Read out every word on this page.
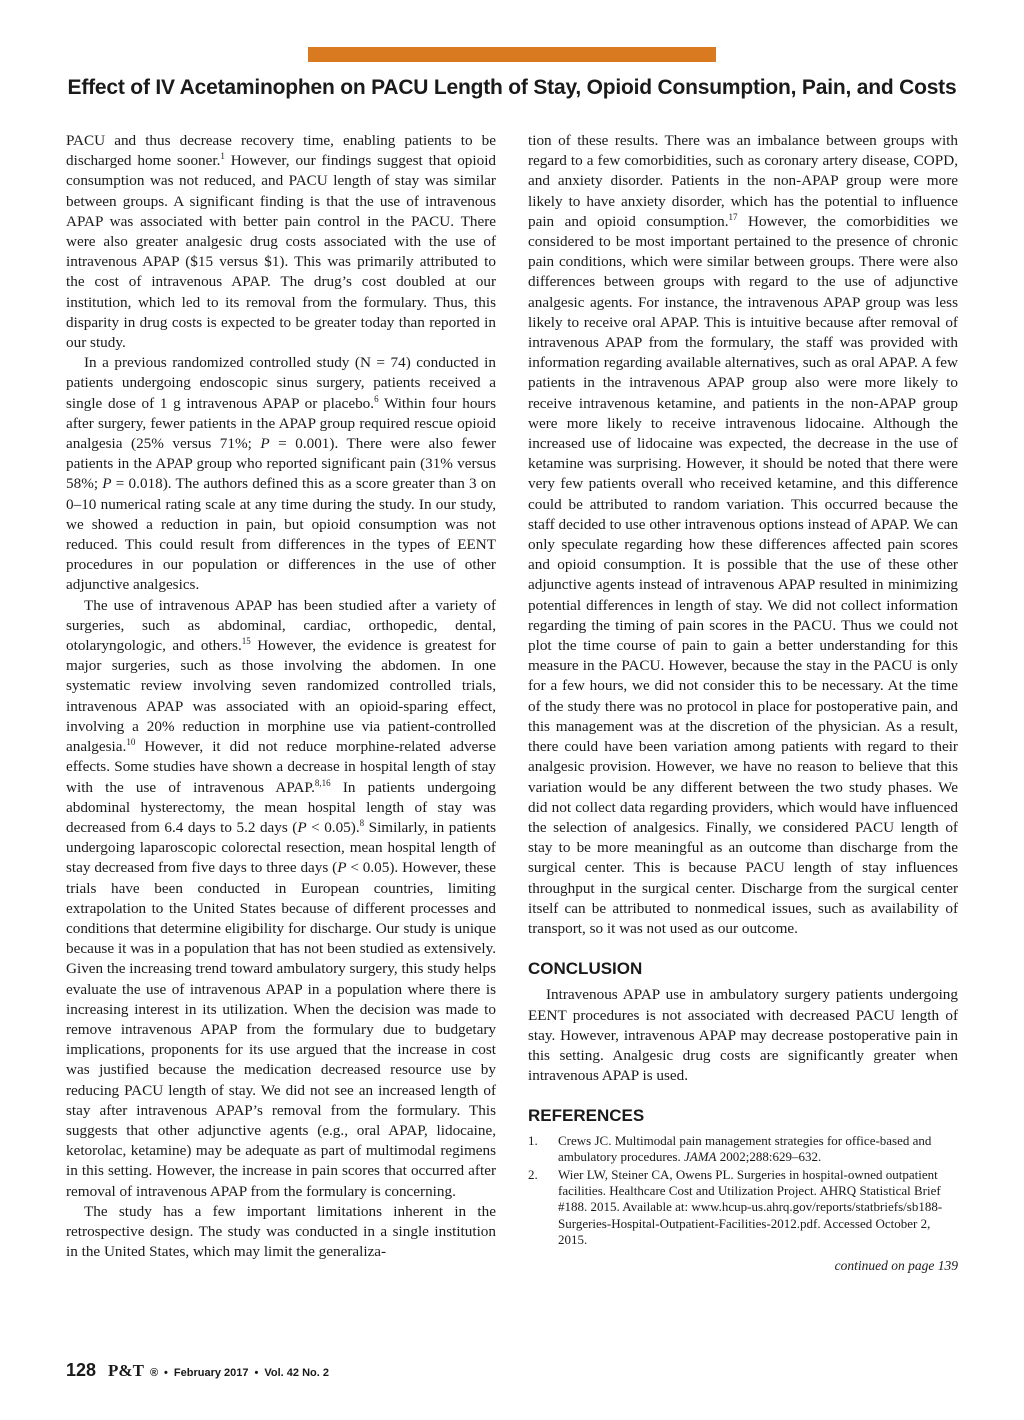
Effect of IV Acetaminophen on PACU Length of Stay, Opioid Consumption, Pain, and Costs

PACU and thus decrease recovery time, enabling patients to be discharged home sooner.$^1$ However, our findings suggest that opioid consumption was not reduced, and PACU length of stay was similar between groups. A significant finding is that the use of intravenous APAP was associated with better pain control in the PACU. There were also greater analgesic drug costs associated with the use of intravenous APAP ($15 versus $1). This was primarily attributed to the cost of intravenous APAP. The drug’s cost doubled at our institution, which led to its removal from the formulary. Thus, this disparity in drug costs is expected to be greater today than reported in our study.

In a previous randomized controlled study (N = 74) conducted in patients undergoing endoscopic sinus surgery, patients received a single dose of 1 g intravenous APAP or placebo.$^6$ Within four hours after surgery, fewer patients in the APAP group required rescue opioid analgesia (25% versus 71%; P = 0.001). There were also fewer patients in the APAP group who reported significant pain (31% versus 58%; P = 0.018). The authors defined this as a score greater than 3 on 0–10 numerical rating scale at any time during the study. In our study, we showed a reduction in pain, but opioid consumption was not reduced. This could result from differences in the types of EENT procedures in our population or differences in the use of other adjunctive analgesics.

The use of intravenous APAP has been studied after a variety of surgeries, such as abdominal, cardiac, orthopedic, dental, otolaryngologic, and others.$^{15}$ However, the evidence is greatest for major surgeries, such as those involving the abdomen. In one systematic review involving seven randomized controlled trials, intravenous APAP was associated with an opioid-sparing effect, involving a 20% reduction in morphine use via patient-controlled analgesia.$^{10}$ However, it did not reduce morphine-related adverse effects. Some studies have shown a decrease in hospital length of stay with the use of intravenous APAP.$^{8,16}$ In patients undergoing abdominal hysterectomy, the mean hospital length of stay was decreased from 6.4 days to 5.2 days (P < 0.05).$^8$ Similarly, in patients undergoing laparoscopic colorectal resection, mean hospital length of stay decreased from five days to three days (P < 0.05). However, these trials have been conducted in European countries, limiting extrapolation to the United States because of different processes and conditions that determine eligibility for discharge. Our study is unique because it was in a population that has not been studied as extensively. Given the increasing trend toward ambulatory surgery, this study helps evaluate the use of intravenous APAP in a population where there is increasing interest in its utilization. When the decision was made to remove intravenous APAP from the formulary due to budgetary implications, proponents for its use argued that the increase in cost was justified because the medication decreased resource use by reducing PACU length of stay. We did not see an increased length of stay after intravenous APAP’s removal from the formulary. This suggests that other adjunctive agents (e.g., oral APAP, lidocaine, ketorolac, ketamine) may be adequate as part of multimodal regimens in this setting. However, the increase in pain scores that occurred after removal of intravenous APAP from the formulary is concerning.

The study has a few important limitations inherent in the retrospective design. The study was conducted in a single institution in the United States, which may limit the generaliza-

tion of these results. There was an imbalance between groups with regard to a few comorbidities, such as coronary artery disease, COPD, and anxiety disorder. Patients in the non-APAP group were more likely to have anxiety disorder, which has the potential to influence pain and opioid consumption.$^{17}$ However, the comorbidities we considered to be most important pertained to the presence of chronic pain conditions, which were similar between groups. There were also differences between groups with regard to the use of adjunctive analgesic agents. For instance, the intravenous APAP group was less likely to receive oral APAP. This is intuitive because after removal of intravenous APAP from the formulary, the staff was provided with information regarding available alternatives, such as oral APAP. A few patients in the intravenous APAP group also were more likely to receive intravenous ketamine, and patients in the non-APAP group were more likely to receive intravenous lidocaine. Although the increased use of lidocaine was expected, the decrease in the use of ketamine was surprising. However, it should be noted that there were very few patients overall who received ketamine, and this difference could be attributed to random variation. This occurred because the staff decided to use other intravenous options instead of APAP. We can only speculate regarding how these differences affected pain scores and opioid consumption. It is possible that the use of these other adjunctive agents instead of intravenous APAP resulted in minimizing potential differences in length of stay. We did not collect information regarding the timing of pain scores in the PACU. Thus we could not plot the time course of pain to gain a better understanding for this measure in the PACU. However, because the stay in the PACU is only for a few hours, we did not consider this to be necessary. At the time of the study there was no protocol in place for postoperative pain, and this management was at the discretion of the physician. As a result, there could have been variation among patients with regard to their analgesic provision. However, we have no reason to believe that this variation would be any different between the two study phases. We did not collect data regarding providers, which would have influenced the selection of analgesics. Finally, we considered PACU length of stay to be more meaningful as an outcome than discharge from the surgical center. This is because PACU length of stay influences throughput in the surgical center. Discharge from the surgical center itself can be attributed to nonmedical issues, such as availability of transport, so it was not used as our outcome.

CONCLUSION

Intravenous APAP use in ambulatory surgery patients undergoing EENT procedures is not associated with decreased PACU length of stay. However, intravenous APAP may decrease postoperative pain in this setting. Analgesic drug costs are significantly greater when intravenous APAP is used.

REFERENCES
1.	Crews JC. Multimodal pain management strategies for office-based and ambulatory procedures. JAMA 2002;288:629–632.
2.	Wier LW, Steiner CA, Owens PL. Surgeries in hospital-owned outpatient facilities. Healthcare Cost and Utilization Project. AHRQ Statistical Brief #188. 2015. Available at: www.hcup-us.ahrq.gov/reports/statbriefs/sb188-Surgeries-Hospital-Outpatient-Facilities-2012.pdf. Accessed October 2, 2015.
continued on page 139
128 P&T ® • February 2017 • Vol. 42 No. 2
